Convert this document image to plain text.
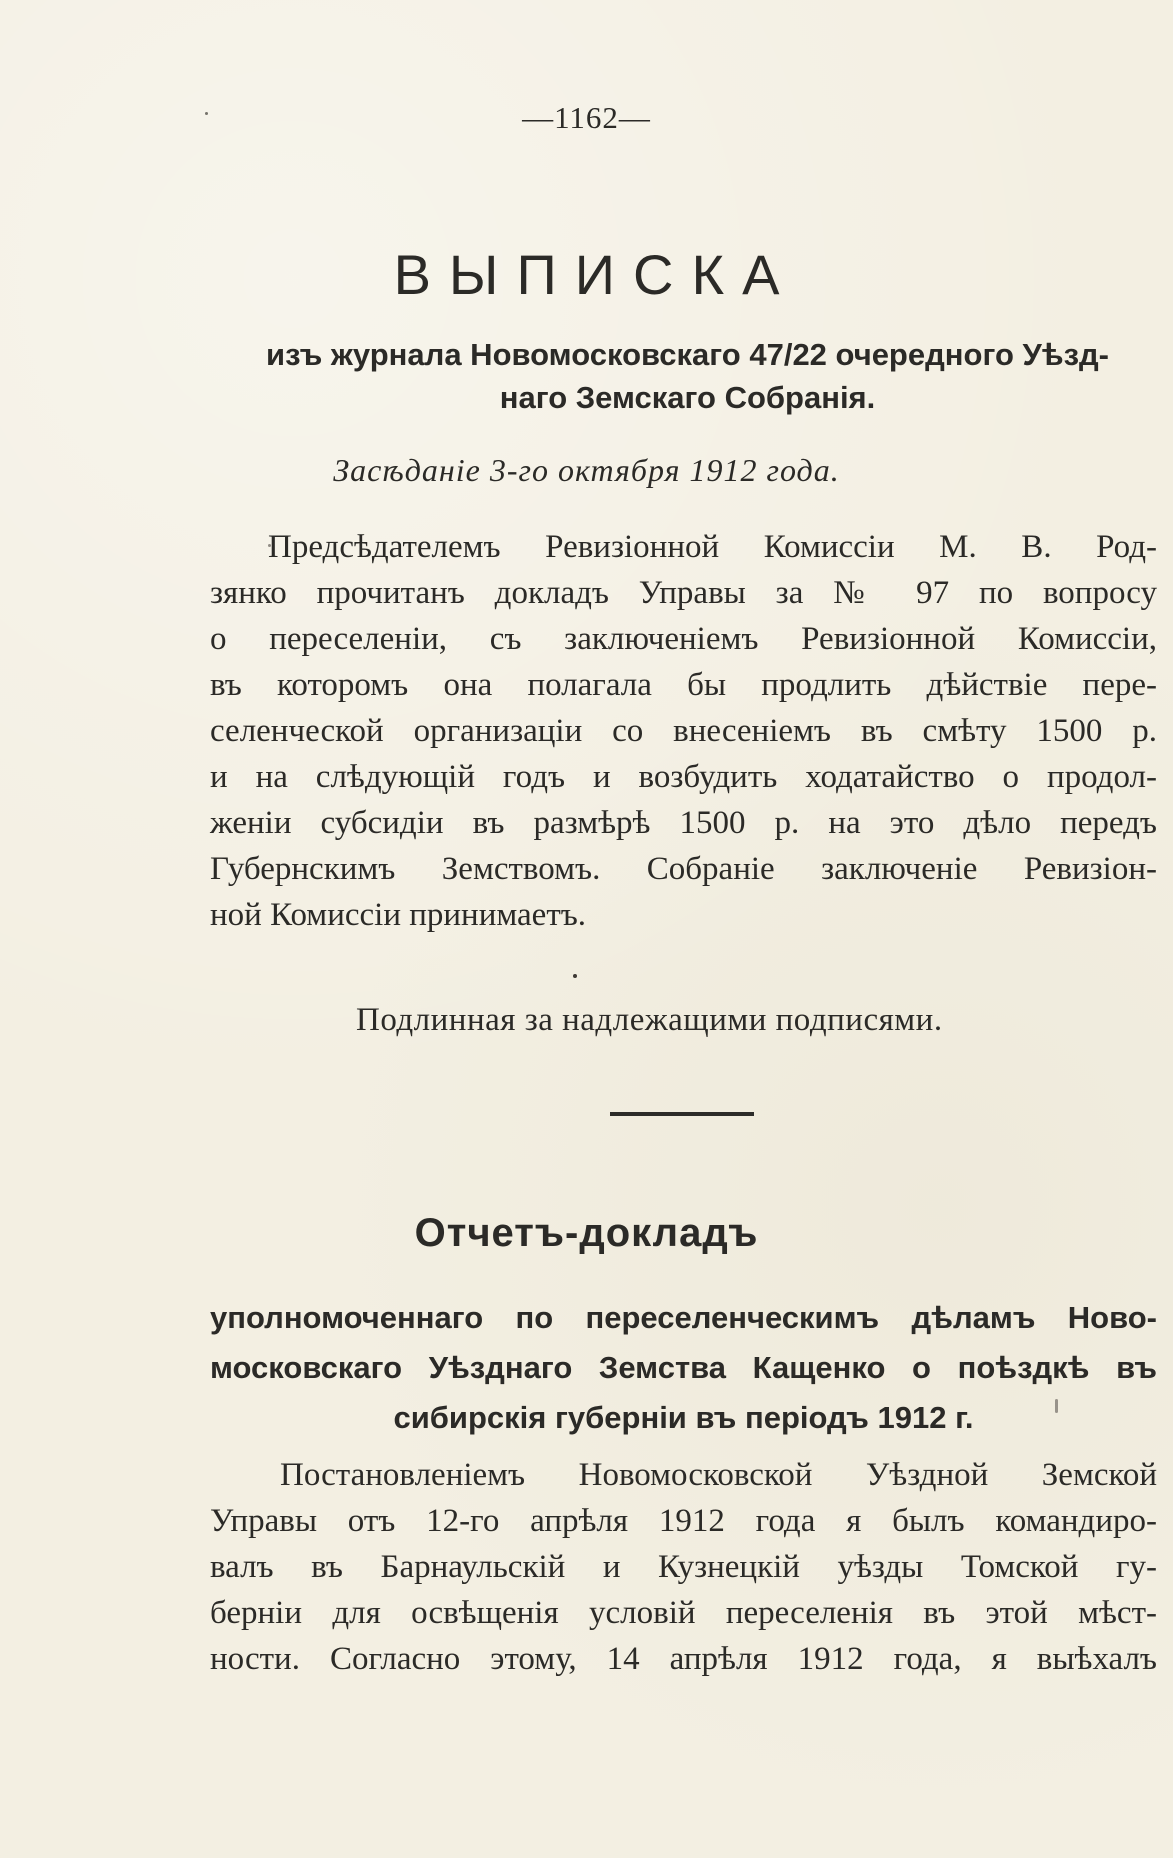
—1162—
ВЫПИСКА
изъ журнала Новомосковскаго 47/22 очередного Уѣзд-
наго Земскаго Собранія.
Засѣданіе 3-го октября 1912 года.
Предсѣдателемъ Ревизіонной Комиссіи М. В. Род-
зянко прочитанъ докладъ Управы за № 97 по вопросу
о переселеніи, съ заключеніемъ Ревизіонной Комиссіи,
въ которомъ она полагала бы продлить дѣйствіе пере-
селенческой организаціи со внесеніемъ въ смѣту 1500 р.
и на слѣдующій годъ и возбудить ходатайство о продол-
женіи субсидіи въ размѣрѣ 1500 р. на это дѣло передъ
Губернскимъ Земствомъ. Собраніе заключеніе Ревизіон-
ной Комиссіи принимаетъ.
Подлинная за надлежащими подписями.
Отчетъ-докладъ
уполномоченнаго по переселенческимъ дѣламъ Ново-
московскаго Уѣзднаго Земства Кащенко о поѣздкѣ въ
сибирскія губерніи въ періодъ 1912 г.
Постановленіемъ Новомосковской Уѣздной Земской
Управы отъ 12-го апрѣля 1912 года я былъ командиро-
валъ въ Барнаульскій и Кузнецкій уѣзды Томской гу-
берніи для освѣщенія условій переселенія въ этой мѣст-
ности. Согласно этому, 14 апрѣля 1912 года, я выѣхалъ
